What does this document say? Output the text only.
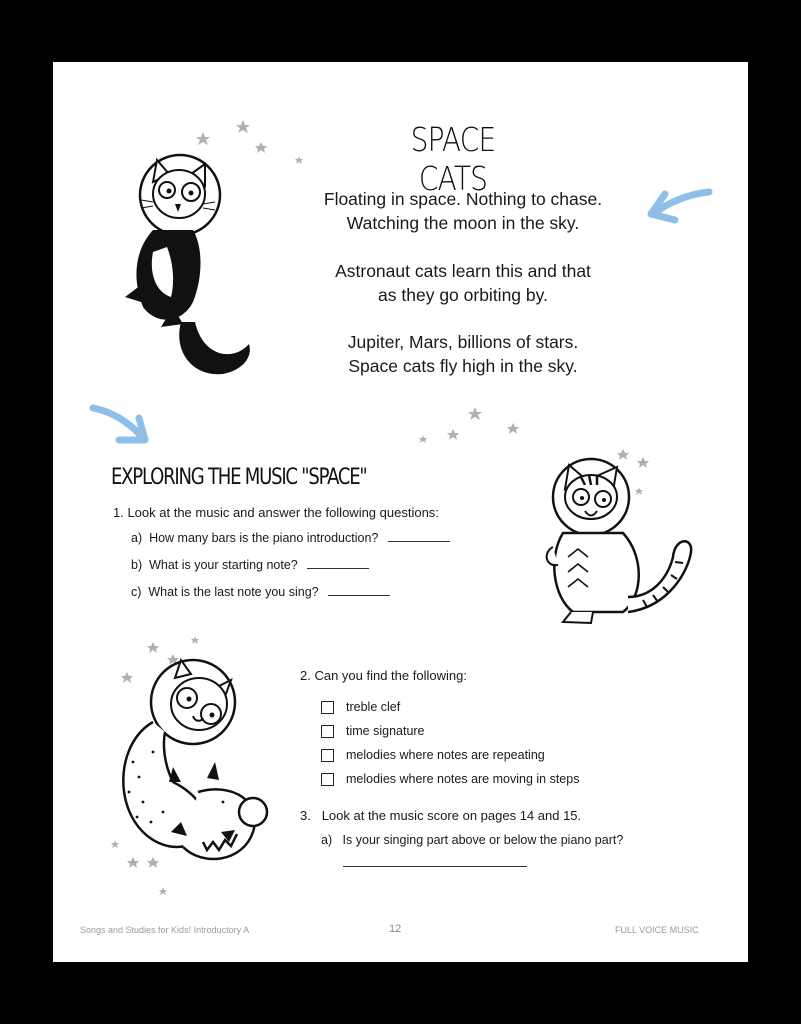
SPACE CATS

Floating in space. Nothing to chase.

Watching the moon in the sky.

Astronaut cats learn this and that

as they go orbiting by.

Jupiter, Mars, billions of stars.

Space cats fly high in the sky.

EXPLORING THE MUSIC "SPACE"
1. Look at the music and answer the following questions:
a) How many bars is the piano introduction?
b) What is your starting note?
c) What is the last note you sing?
2. Can you find the following:
treble clef
time signature
melodies where notes are repeating
melodies where notes are moving in steps
3. Look at the music score on pages 14 and 15.
a) Is your singing part above or below the piano part?
Songs and Studies for Kids! Introductory A	12	FULL VOICE MUSIC
